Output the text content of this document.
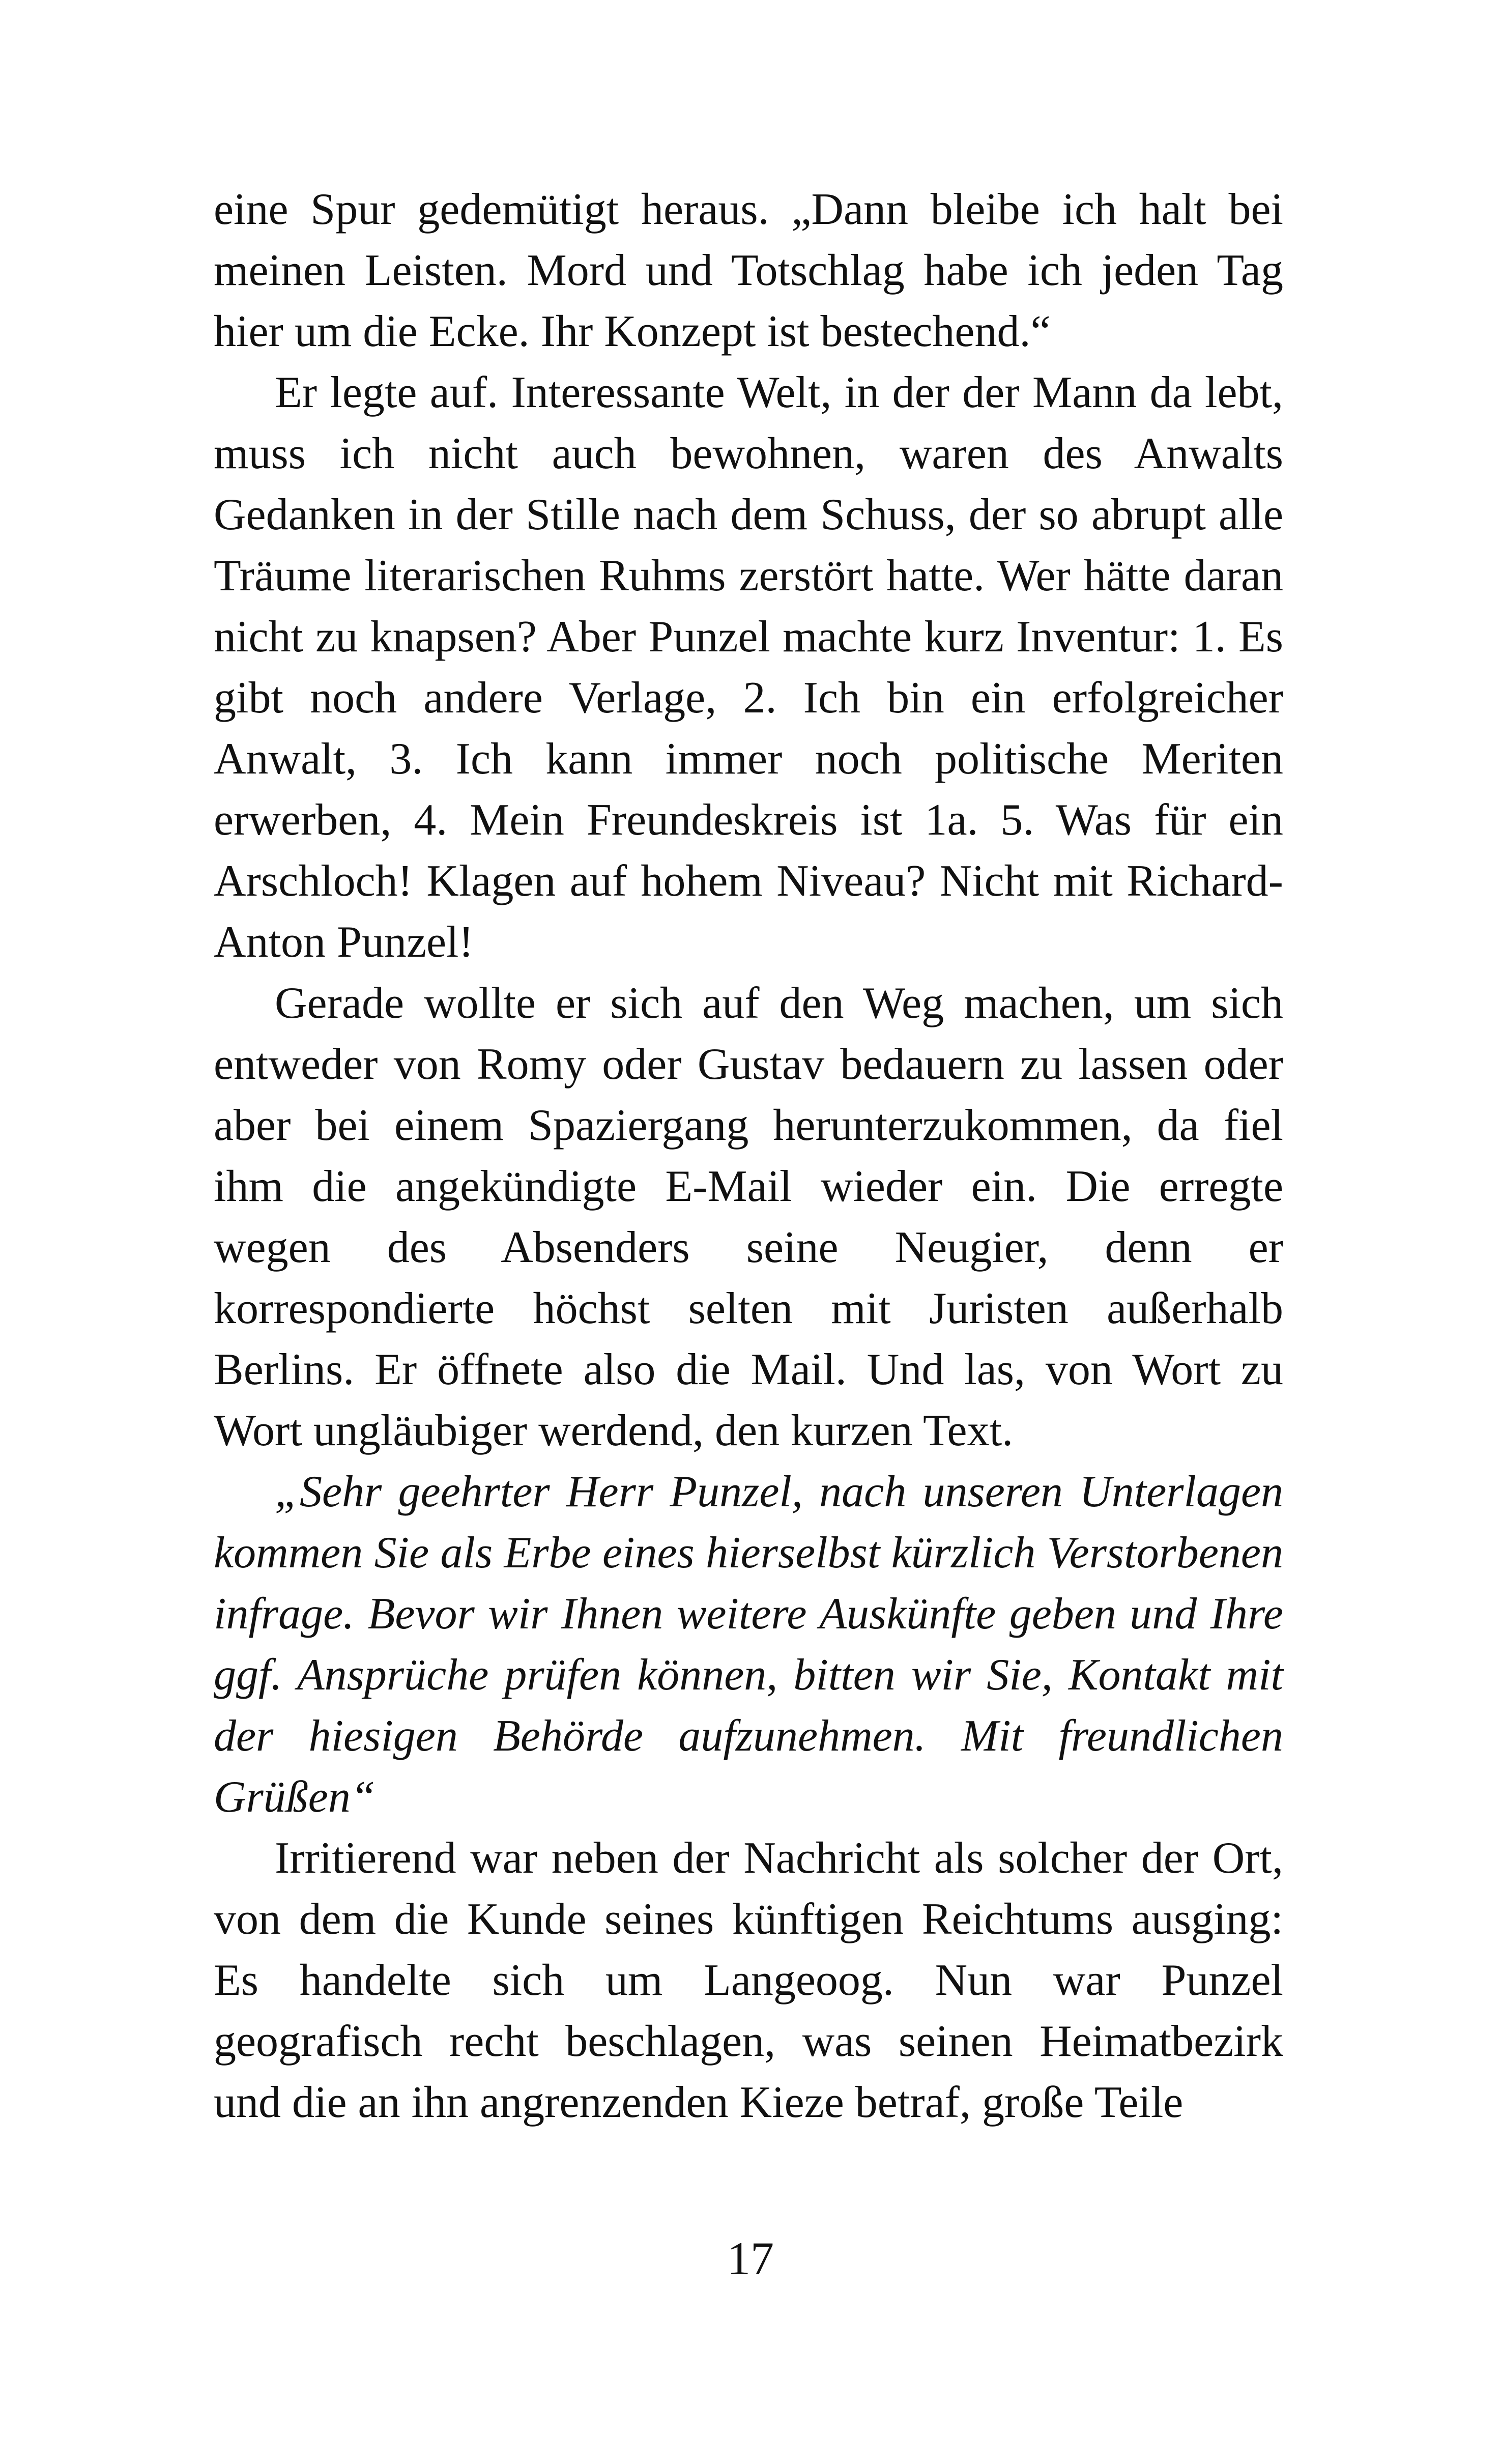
eine Spur gedemütigt heraus. „Dann bleibe ich halt bei meinen Leisten. Mord und Totschlag habe ich jeden Tag hier um die Ecke. Ihr Konzept ist bestechend.“

Er legte auf. Interessante Welt, in der der Mann da lebt, muss ich nicht auch bewohnen, waren des Anwalts Gedanken in der Stille nach dem Schuss, der so abrupt alle Träume literarischen Ruhms zerstört hatte. Wer hätte daran nicht zu knapsen? Aber Punzel machte kurz Inventur: 1. Es gibt noch andere Verlage, 2. Ich bin ein erfolgreicher Anwalt, 3. Ich kann immer noch politische Meriten erwerben, 4. Mein Freundeskreis ist 1a. 5. Was für ein Arschloch! Klagen auf hohem Niveau? Nicht mit Richard-Anton Punzel!

Gerade wollte er sich auf den Weg machen, um sich entweder von Romy oder Gustav bedauern zu lassen oder aber bei einem Spaziergang herunterzukommen, da fiel ihm die angekündigte E-Mail wieder ein. Die erregte wegen des Absenders seine Neugier, denn er korrespondierte höchst selten mit Juristen außerhalb Berlins. Er öffnete also die Mail. Und las, von Wort zu Wort ungläubiger werdend, den kurzen Text.

„Sehr geehrter Herr Punzel, nach unseren Unterlagen kommen Sie als Erbe eines hierselbst kürzlich Verstorbenen infrage. Bevor wir Ihnen weitere Auskünfte geben und Ihre ggf. Ansprüche prüfen können, bitten wir Sie, Kontakt mit der hiesigen Behörde aufzunehmen. Mit freundlichen Grüßen“

Irritierend war neben der Nachricht als solcher der Ort, von dem die Kunde seines künftigen Reichtums ausging: Es handelte sich um Langeoog. Nun war Punzel geografisch recht beschlagen, was seinen Heimatbezirk und die an ihn angrenzenden Kieze betraf, große Teile

17
